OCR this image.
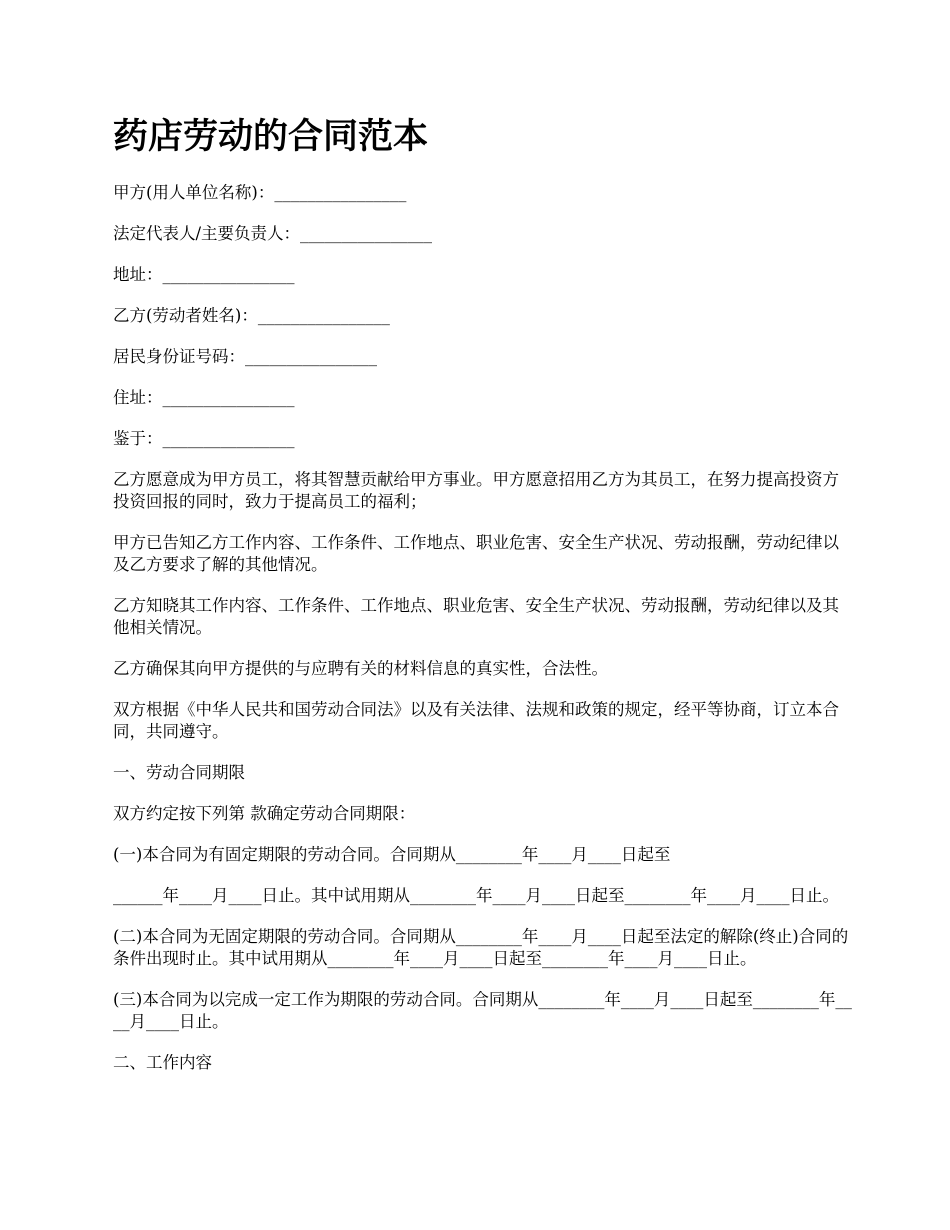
药店劳动的合同范本

甲方(用人单位名称)：________________

法定代表人/主要负责人：________________

地址：________________

乙方(劳动者姓名)：________________

居民身份证号码：________________

住址：________________

鉴于：________________

乙方愿意成为甲方员工，将其智慧贡献给甲方事业。甲方愿意招用乙方为其员工，在努力提高投资方投资回报的同时，致力于提高员工的福利；

甲方已告知乙方工作内容、工作条件、工作地点、职业危害、安全生产状况、劳动报酬，劳动纪律以及乙方要求了解的其他情况。

乙方知晓其工作内容、工作条件、工作地点、职业危害、安全生产状况、劳动报酬，劳动纪律以及其他相关情况。

乙方确保其向甲方提供的与应聘有关的材料信息的真实性，合法性。

双方根据《中华人民共和国劳动合同法》以及有关法律、法规和政策的规定，经平等协商，订立本合同，共同遵守。

一、劳动合同期限

双方约定按下列第 款确定劳动合同期限：

(一)本合同为有固定期限的劳动合同。合同期从________年____月____日起至

______年____月____日止。其中试用期从________年____月____日起至________年____月____日止。

(二)本合同为无固定期限的劳动合同。合同期从________年____月____日起至法定的解除(终止)合同的条件出现时止。其中试用期从________年____月____日起至________年____月____日止。

(三)本合同为以完成一定工作为期限的劳动合同。合同期从________年____月____日起至________年____月____日止。

二、工作内容
